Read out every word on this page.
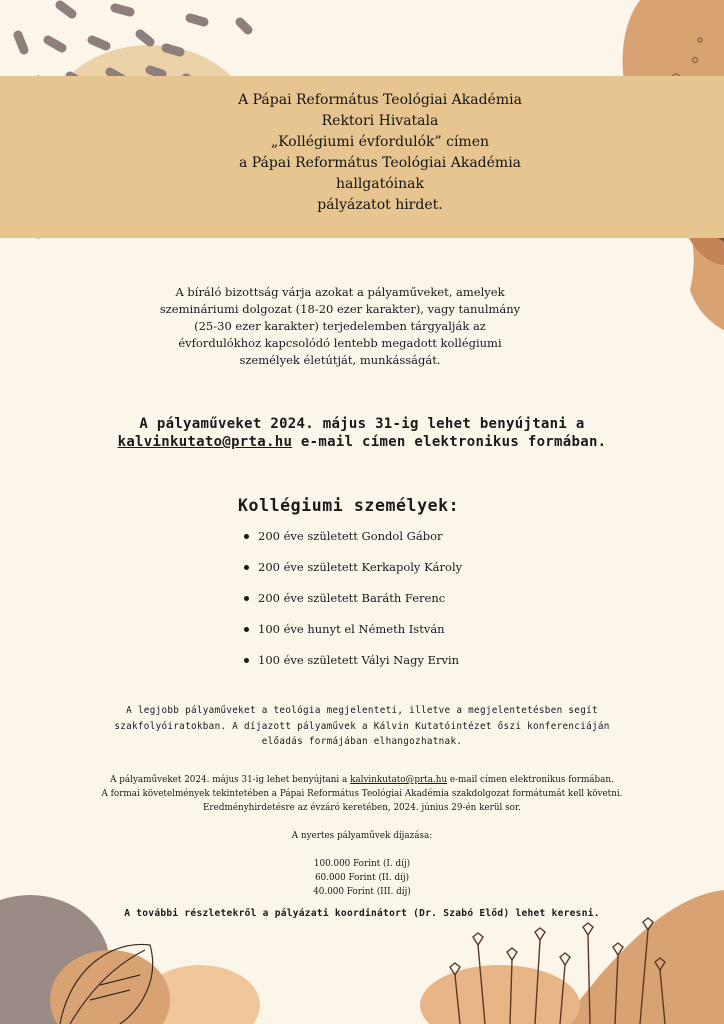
A Pápai Református Teológiai Akadémia
Rektori Hivatala
„Kollégiumi évfordulók” címen
a Pápai Református Teológiai Akadémia
hallgatóinak
pályázatot hirdet.
A bíráló bizottság várja azokat a pályaműveket, amelyek
szemináriumi dolgozat (18-20 ezer karakter), vagy tanulmány
(25-30 ezer karakter) terjedelemben tárgyalják az
évfordulókhoz kapcsolódó lentebb megadott kollégiumi
személyek életútját, munkásságát.
A pályaműveket 2024. május 31-ig lehet benyújtani a
kalvinkutato@prta.hu e-mail címen elektronikus formában.
Kollégiumi személyek:
200 éve született Gondol Gábor
200 éve született Kerkapoly Károly
200 éve született Baráth Ferenc
100 éve hunyt el Németh István
100 éve született Vályi Nagy Ervin
A legjobb pályaműveket a teológia megjelenteti, illetve a megjelentetésben segít
szakfolyóiratokban. A díjazott pályaművek a Kálvin Kutatóintézet őszi konferenciáján
előadás formájában elhangozhatnak.
A pályaműveket 2024. május 31-ig lehet benyújtani a kalvinkutato@prta.hu e-mail címen elektronikus formában.
A formai követelmények tekintetében a Pápai Református Teológiai Akadémia szakdolgozat formátumát kell követni.
Eredményhirdetésre az évzáró keretében, 2024. június 29-én kerül sor.
A nyertes pályaművek díjazása:
100.000 Forint (I. díj)
60.000 Forint (II. díj)
40.000 Forint (III. díj)
A további részletekről a pályázati koordinátort (Dr. Szabó Előd) lehet keresni.
